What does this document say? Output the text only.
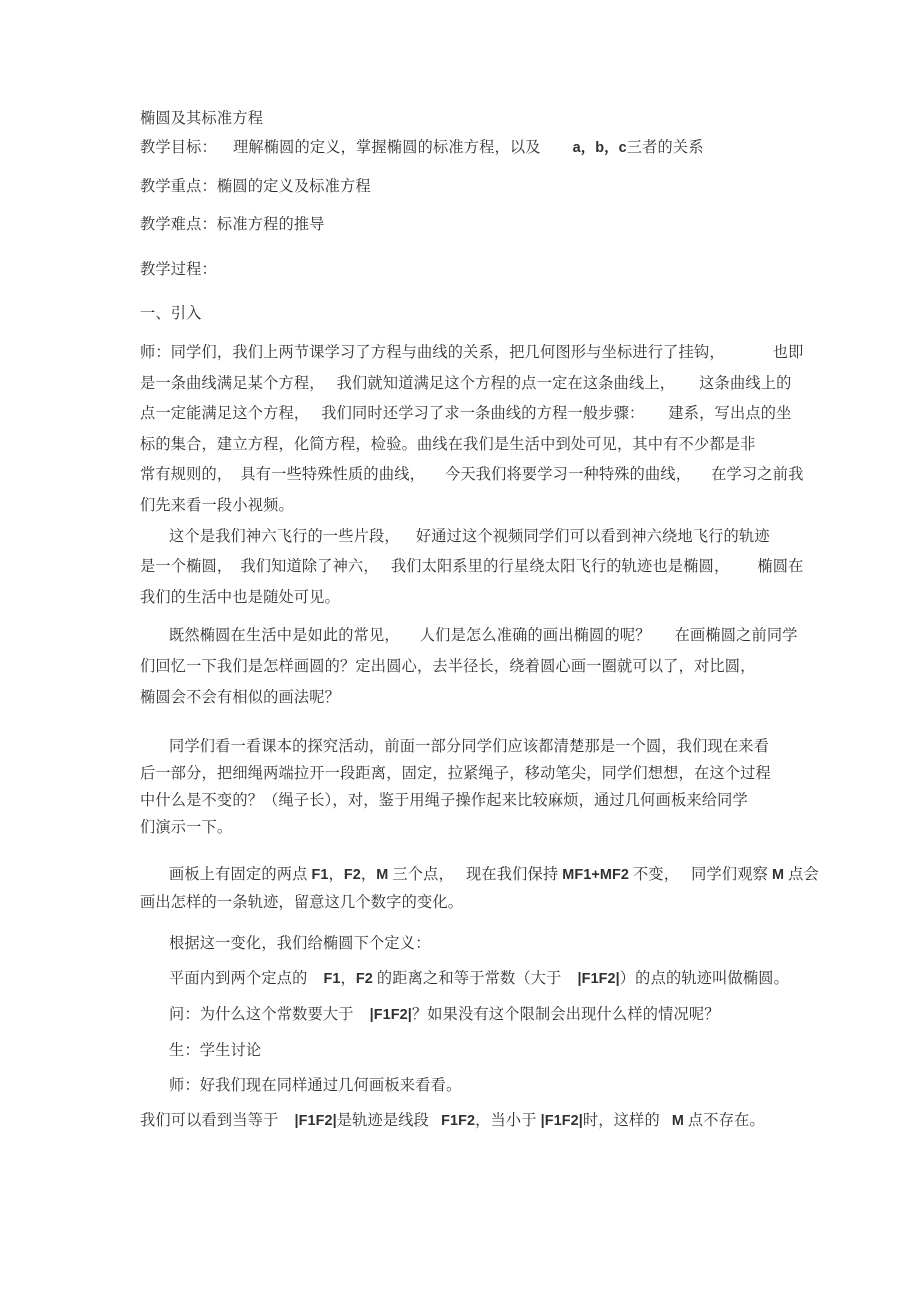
椭圆及其标准方程
教学目标： 理解椭圆的定义，掌握椭圆的标准方程，以及 a，b，c三者的关系
教学重点：椭圆的定义及标准方程
教学难点：标准方程的推导
教学过程：
一、引入
师：同学们，我们上两节课学习了方程与曲线的关系，把几何图形与坐标进行了挂钩，	也即
是一条曲线满足某个方程， 我们就知道满足这个方程的点一定在这条曲线上， 这条曲线上的
点一定能满足这个方程， 我们同时还学习了求一条曲线的方程一般步骤： 建系，写出点的坐
标的集合，建立方程，化简方程，检验。曲线在我们是生活中到处可见，其中有不少都是非
常有规则的， 具有一些特殊性质的曲线， 今天我们将要学习一种特殊的曲线， 在学习之前我
们先来看一段小视频。
这个是我们神六飞行的一些片段， 好通过这个视频同学们可以看到神六绕地飞行的轨迹
是一个椭圆， 我们知道除了神六， 我们太阳系里的行星绕太阳飞行的轨迹也是椭圆， 椭圆在
我们的生活中也是随处可见。
既然椭圆在生活中是如此的常见， 人们是怎么准确的画出椭圆的呢？ 在画椭圆之前同学
们回忆一下我们是怎样画圆的？定出圆心，去半径长，绕着圆心画一圈就可以了，对比圆，
椭圆会不会有相似的画法呢？
同学们看一看课本的探究活动，前面一部分同学们应该都清楚那是一个圆，我们现在来看
后一部分，把细绳两端拉开一段距离，固定，拉紧绳子，移动笔尖，同学们想想，在这个过程
中什么是不变的？（绳子长），对，鉴于用绳子操作起来比较麻烦，通过几何画板来给同学
们演示一下。
画板上有固定的两点 F1，F2，M 三个点， 现在我们保持 MF1+MF2 不变， 同学们观察 M 点会
画出怎样的一条轨迹，留意这几个数字的变化。
根据这一变化，我们给椭圆下个定义：
平面内到两个定点的 F1，F2 的距离之和等于常数（大于 |F1F2|）的点的轨迹叫做椭圆。
问：为什么这个常数要大于 |F1F2|？如果没有这个限制会出现什么样的情况呢？
生：学生讨论
师：好我们现在同样通过几何画板来看看。
我们可以看到当等于 |F1F2|是轨迹是线段 F1F2，当小于 |F1F2|时，这样的 M 点不存在。
